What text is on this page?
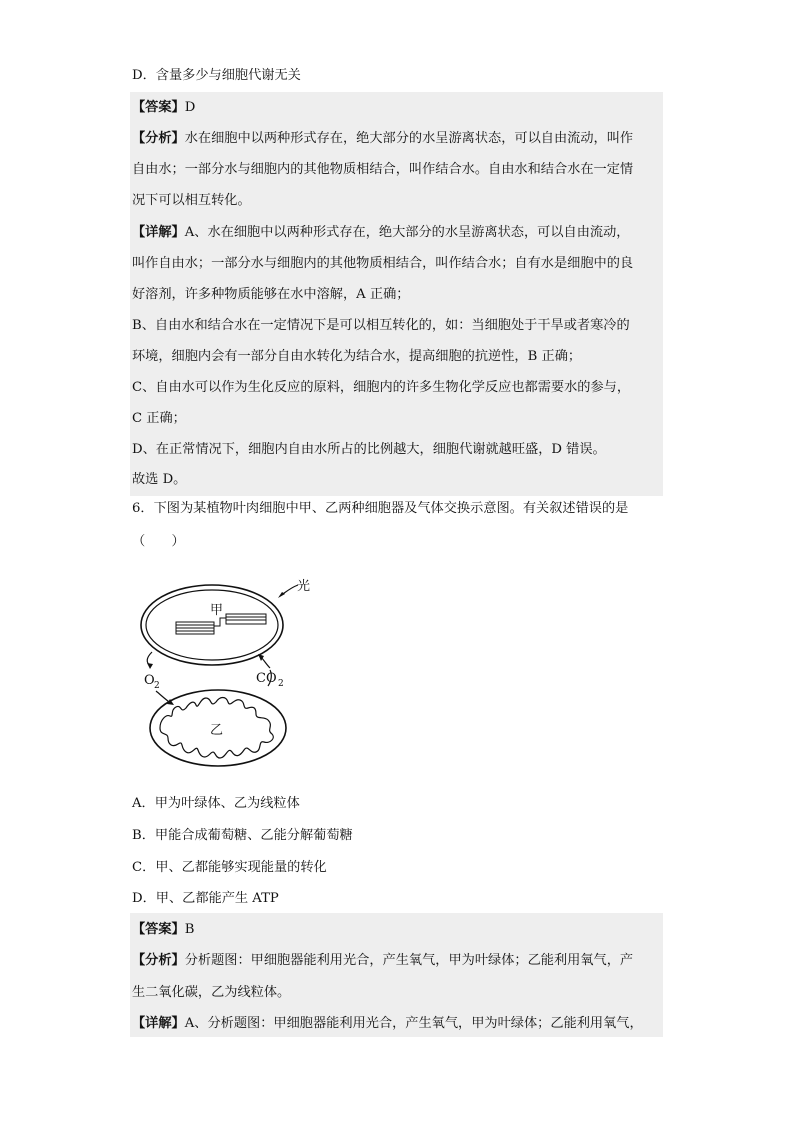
D．含量多少与细胞代谢无关
【答案】D
【分析】水在细胞中以两种形式存在，绝大部分的水呈游离状态，可以自由流动，叫作
自由水；一部分水与细胞内的其他物质相结合，叫作结合水。自由水和结合水在一定情
况下可以相互转化。
【详解】A、水在细胞中以两种形式存在，绝大部分的水呈游离状态，可以自由流动，
叫作自由水；一部分水与细胞内的其他物质相结合，叫作结合水；自有水是细胞中的良
好溶剂，许多种物质能够在水中溶解，A 正确；
B、自由水和结合水在一定情况下是可以相互转化的，如：当细胞处于干旱或者寒冷的
环境，细胞内会有一部分自由水转化为结合水，提高细胞的抗逆性，B 正确；
C、自由水可以作为生化反应的原料，细胞内的许多生物化学反应也都需要水的参与，
C 正确；
D、在正常情况下，细胞内自由水所占的比例越大，细胞代谢就越旺盛，D 错误。
故选 D。
6．下图为某植物叶肉细胞中甲、乙两种细胞器及气体交换示意图。有关叙述错误的是
（　　）
甲
光
O 2	CO 2
乙
A．甲为叶绿体、乙为线粒体
B．甲能合成葡萄糖、乙能分解葡萄糖
C．甲、乙都能够实现能量的转化
D．甲、乙都能产生 ATP
【答案】B
【分析】分析题图：甲细胞器能利用光合，产生氧气，甲为叶绿体；乙能利用氧气，产
生二氧化碳，乙为线粒体。
【详解】A、分析题图：甲细胞器能利用光合，产生氧气，甲为叶绿体；乙能利用氧气，
